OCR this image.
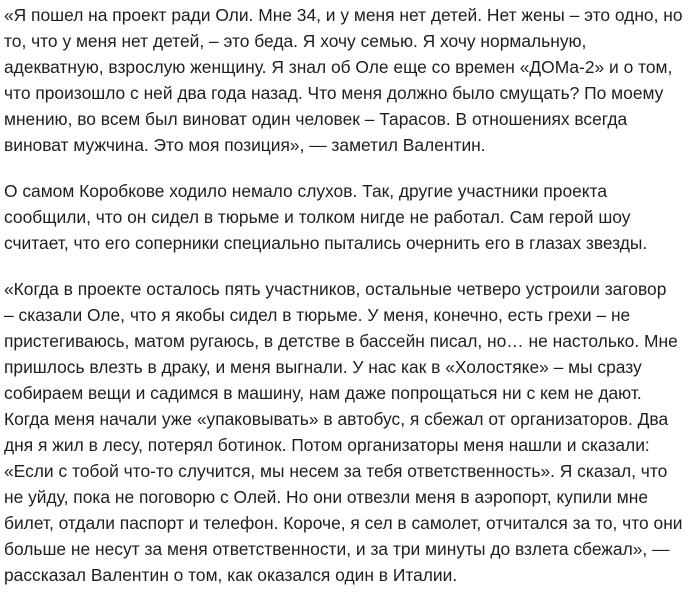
«Я пошел на проект ради Оли. Мне 34, и у меня нет детей. Нет жены – это одно, но
то, что у меня нет детей, – это беда. Я хочу семью. Я хочу нормальную,
адекватную, взрослую женщину. Я знал об Оле еще со времен «ДОМа-2» и о том,
что произошло с ней два года назад. Что меня должно было смущать? По моему
мнению, во всем был виноват один человек – Тарасов. В отношениях всегда
виноват мужчина. Это моя позиция», — заметил Валентин.

О самом Коробкове ходило немало слухов. Так, другие участники проекта
сообщили, что он сидел в тюрьме и толком нигде не работал. Сам герой шоу
считает, что его соперники специально пытались очернить его в глазах звезды.

«Когда в проекте осталось пять участников, остальные четверо устроили заговор
– сказали Оле, что я якобы сидел в тюрьме. У меня, конечно, есть грехи – не
пристегиваюсь, матом ругаюсь, в детстве в бассейн писал, но… не настолько. Мне
пришлось влезть в драку, и меня выгнали. У нас как в «Холостяке» – мы сразу
собираем вещи и садимся в машину, нам даже попрощаться ни с кем не дают.
Когда меня начали уже «упаковывать» в автобус, я сбежал от организаторов. Два
дня я жил в лесу, потерял ботинок. Потом организаторы меня нашли и сказали:
«Если с тобой что-то случится, мы несем за тебя ответственность». Я сказал, что
не уйду, пока не поговорю с Олей. Но они отвезли меня в аэропорт, купили мне
билет, отдали паспорт и телефон. Короче, я сел в самолет, отчитался за то, что они
больше не несут за меня ответственности, и за три минуты до взлета сбежал», —
рассказал Валентин о том, как оказался один в Италии.
